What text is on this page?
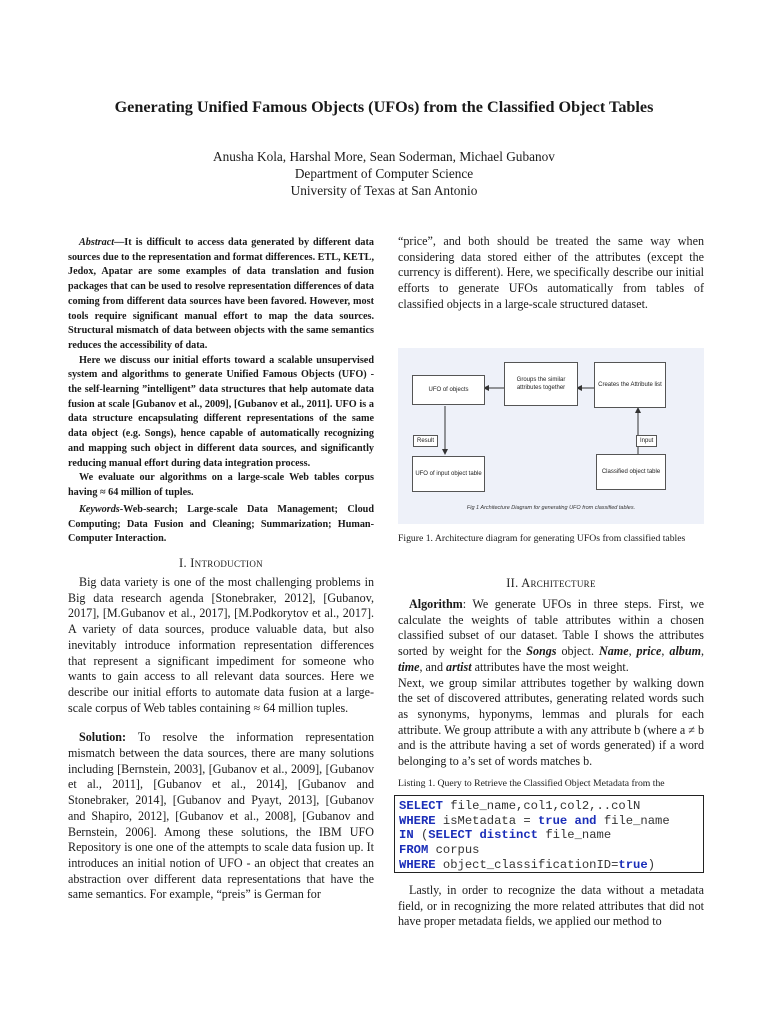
Generating Unified Famous Objects (UFOs) from the Classified Object Tables
Anusha Kola, Harshal More, Sean Soderman, Michael Gubanov
Department of Computer Science
University of Texas at San Antonio

Abstract—It is difficult to access data generated by different data sources due to the representation and format differences. ETL, KETL, Jedox, Apatar are some examples of data translation and fusion packages that can be used to resolve representation differences of data coming from different data sources have been favored. However, most tools require significant manual effort to map the data sources. Structural mismatch of data between objects with the same semantics reduces the accessibility of data.

Here we discuss our initial efforts toward a scalable unsupervised system and algorithms to generate Unified Famous Objects (UFO) - the self-learning ”intelligent” data structures that help automate data fusion at scale [Gubanov et al., 2009], [Gubanov et al., 2011]. UFO is a data structure encapsulating different representations of the same data object (e.g. Songs), hence capable of automatically recognizing and mapping such object in different data sources, and significantly reducing manual effort during data integration process.

We evaluate our algorithms on a large-scale Web tables corpus having ≈ 64 million of tuples.

Keywords-Web-search; Large-scale Data Management; Cloud Computing; Data Fusion and Cleaning; Summarization; Human-Computer Interaction.
I. Introduction

Big data variety is one of the most challenging problems in Big data research agenda [Stonebraker, 2012], [Gubanov, 2017], [M.Gubanov et al., 2017], [M.Podkorytov et al., 2017]. A variety of data sources, produce valuable data, but also inevitably introduce information representation differences that represent a significant impediment for someone who wants to gain access to all relevant data sources. Here we describe our initial efforts to automate data fusion at a large-scale corpus of Web tables containing ≈ 64 million tuples.

Solution: To resolve the information representation mismatch between the data sources, there are many solutions including [Bernstein, 2003], [Gubanov et al., 2009], [Gubanov et al., 2011], [Gubanov et al., 2014], [Gubanov and Stonebraker, 2014], [Gubanov and Pyayt, 2013], [Gubanov and Shapiro, 2012], [Gubanov et al., 2008], [Gubanov and Bernstein, 2006]. Among these solutions, the IBM UFO Repository is one one of the attempts to scale data fusion up. It introduces an initial notion of UFO - an object that creates an abstraction over different data representations that have the same semantics. For example, “preis” is German for

“price”, and both should be treated the same way when considering data stored either of the attributes (except the currency is different). Here, we specifically describe our initial efforts to generate UFOs automatically from tables of classified objects in a large-scale structured dataset.

UFO of objects
Groups the similar attributes together	Creates the Attribute list
Result	Input
UFO of input object table	Classified object table
Fig 1 Architecture Diagram for generating UFO from classified tables.
Figure 1. Architecture diagram for generating UFOs from classified tables
II. Architecture

Algorithm: We generate UFOs in three steps. First, we calculate the weights of table attributes within a chosen classified subset of our dataset. Table I shows the attributes sorted by weight for the Songs object. Name, price, album, time, and artist attributes have the most weight.

Next, we group similar attributes together by walking down the set of discovered attributes, generating related words such as synonyms, hyponyms, lemmas and plurals for each attribute. We group attribute a with any attribute b (where a ≠ b and is the attribute having a set of words generated) if a word belonging to a’s set of words matches b.

Listing 1. Query to Retrieve the Classified Object Metadata from the
SELECT file_name,col1,col2,..colN
WHERE isMetadata = true and file_name
IN (SELECT distinct file_name
FROM corpus
WHERE object_classificationID=true)

Lastly, in order to recognize the data without a metadata field, or in recognizing the more related attributes that did not have proper metadata fields, we applied our method to
